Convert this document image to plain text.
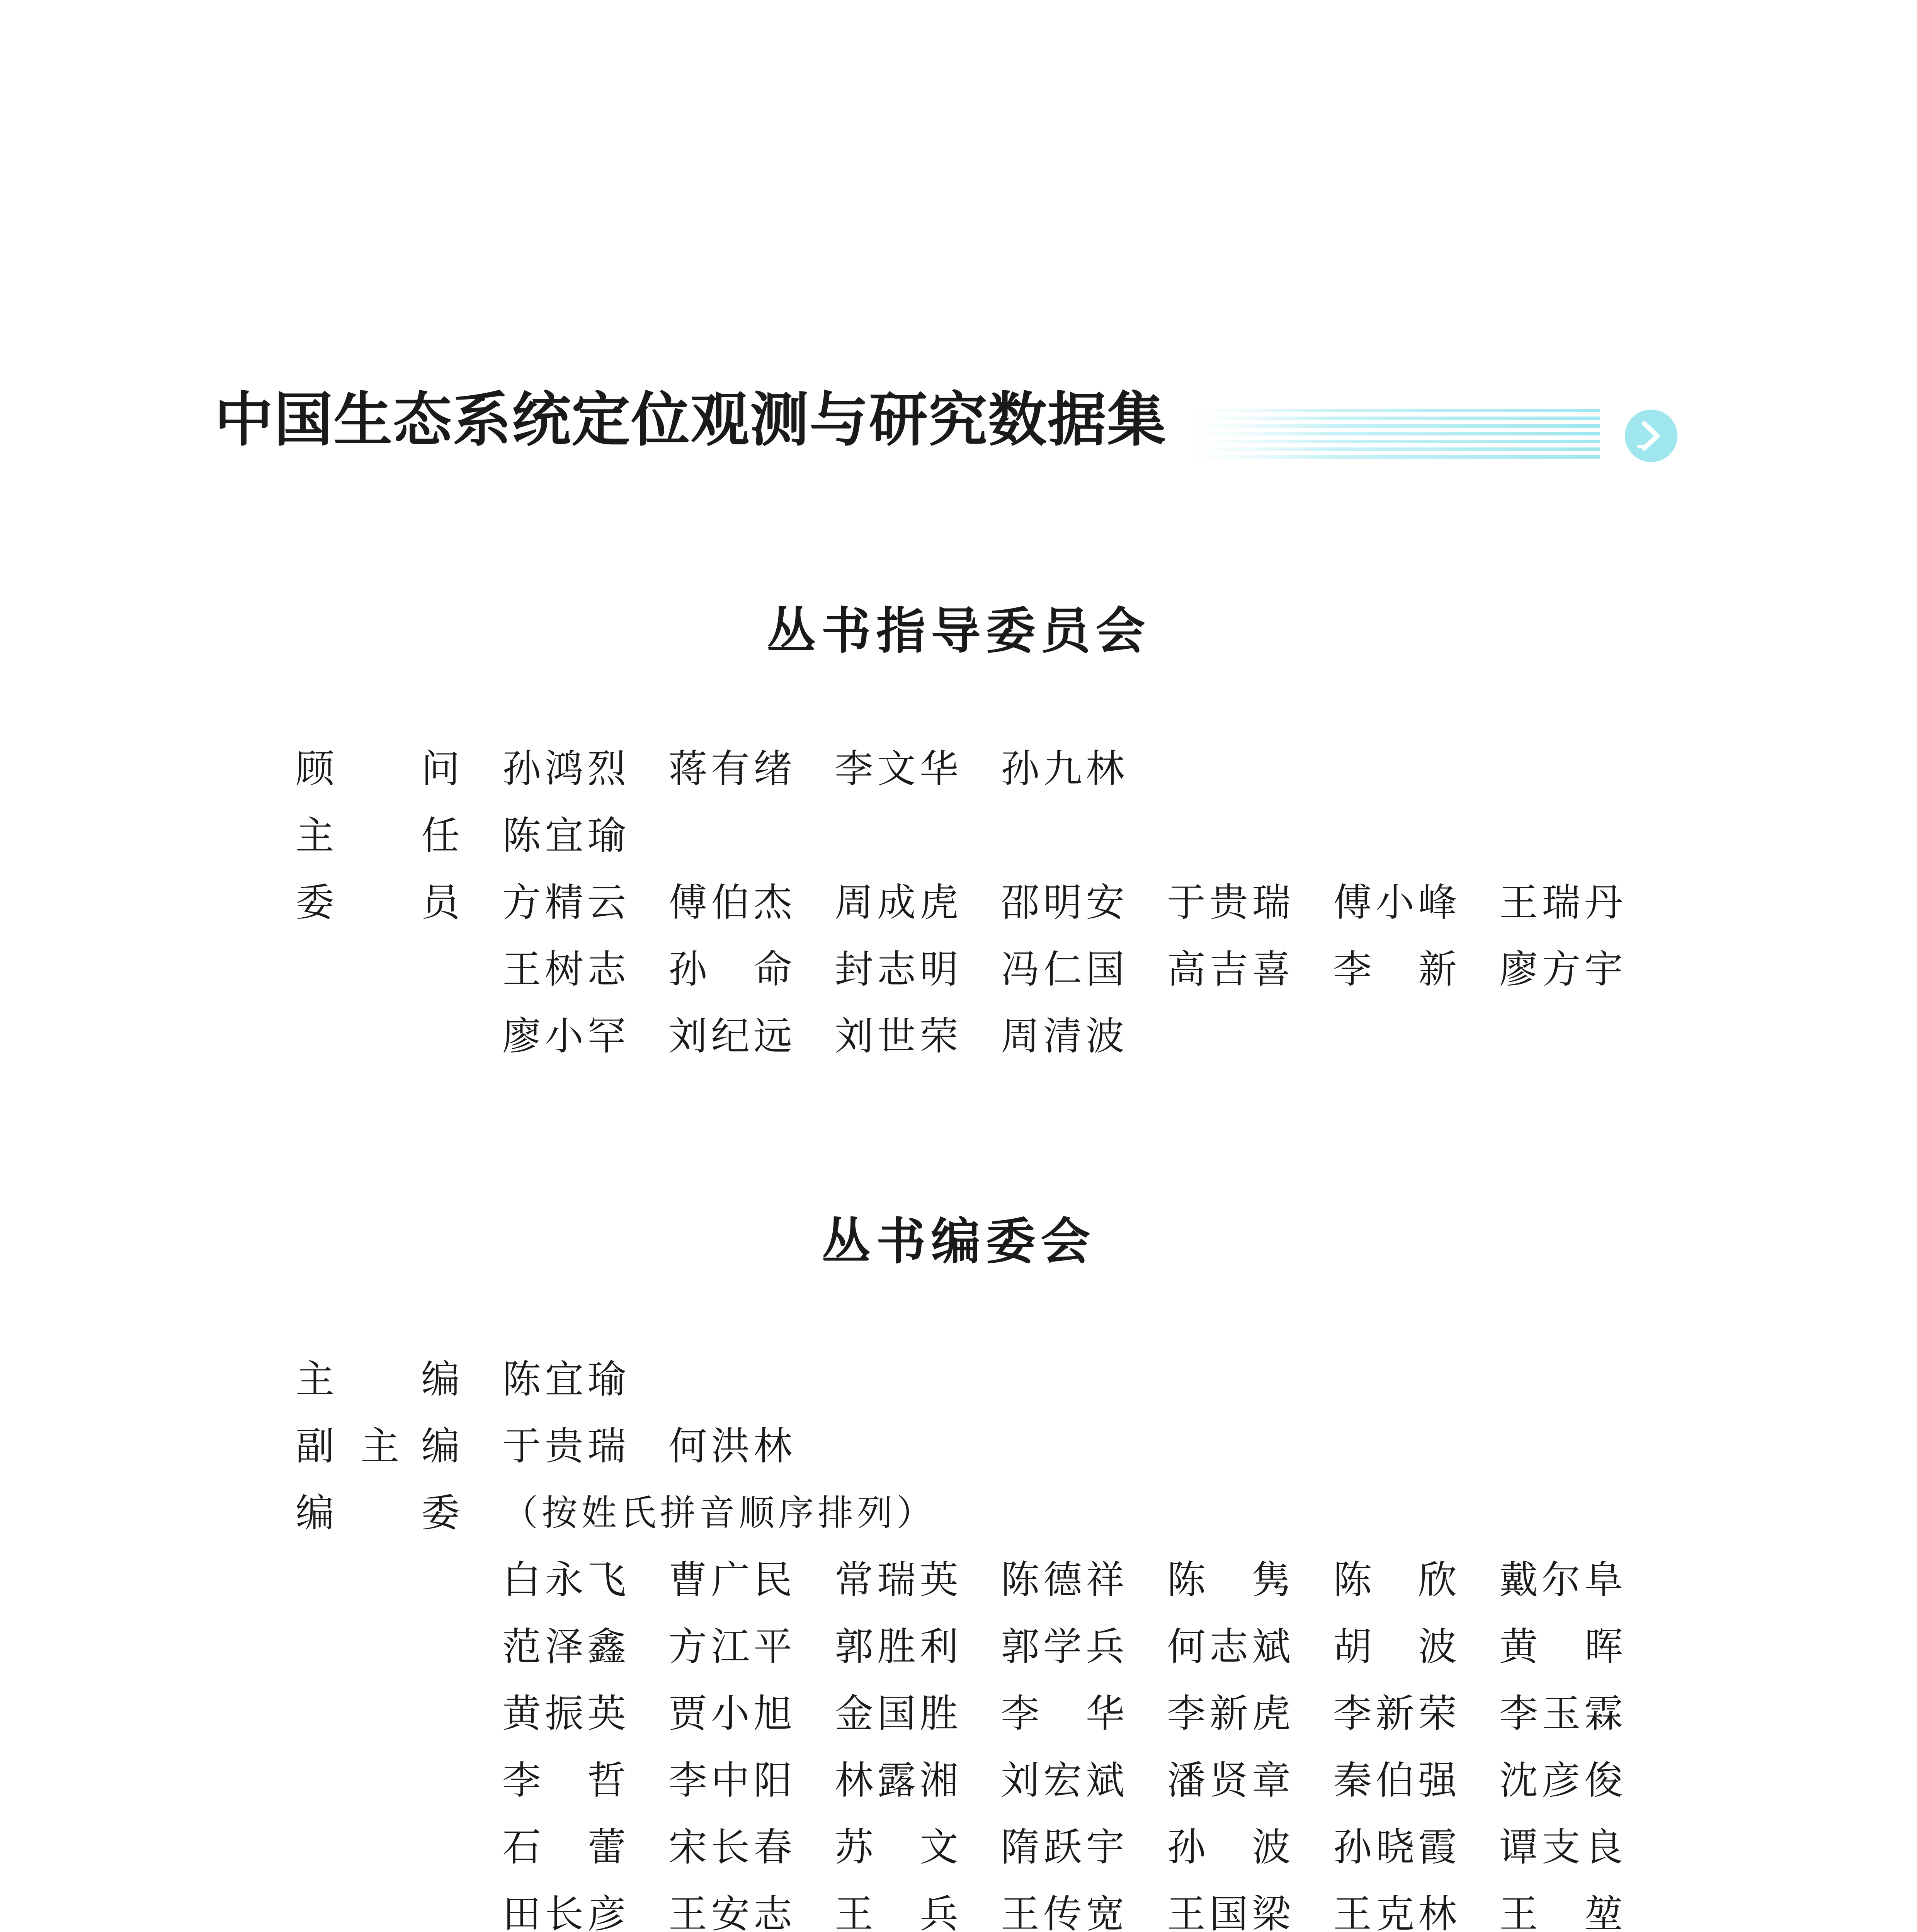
中国生态系统定位观测与研究数据集
丛书指导委员会
顾 问 孙鸿烈 蒋有绪 李文华 孙九林
主 任 陈宜瑜
委 员 方精云 傅伯杰 周成虎 邵明安 于贵瑞 傅小峰 王瑞丹
王树志 孙　命 封志明 冯仁国 高吉喜 李　新 廖方宇
廖小罕 刘纪远 刘世荣 周清波
丛书编委会
主 编 陈宜瑜
副 主 编 于贵瑞 何洪林
编 委 （按姓氏拼音顺序排列）
白永飞 曹广民 常瑞英 陈德祥 陈　隽 陈　欣 戴尔阜
范泽鑫 方江平 郭胜利 郭学兵 何志斌 胡　波 黄　晖
黄振英 贾小旭 金国胜 李　华 李新虎 李新荣 李玉霖
李　哲 李中阳 林露湘 刘宏斌 潘贤章 秦伯强 沈彦俊
石　蕾 宋长春 苏　文 隋跃宇 孙　波 孙晓霞 谭支良
田长彦 王安志 王　兵 王传宽 王国梁 王克林 王　堃
